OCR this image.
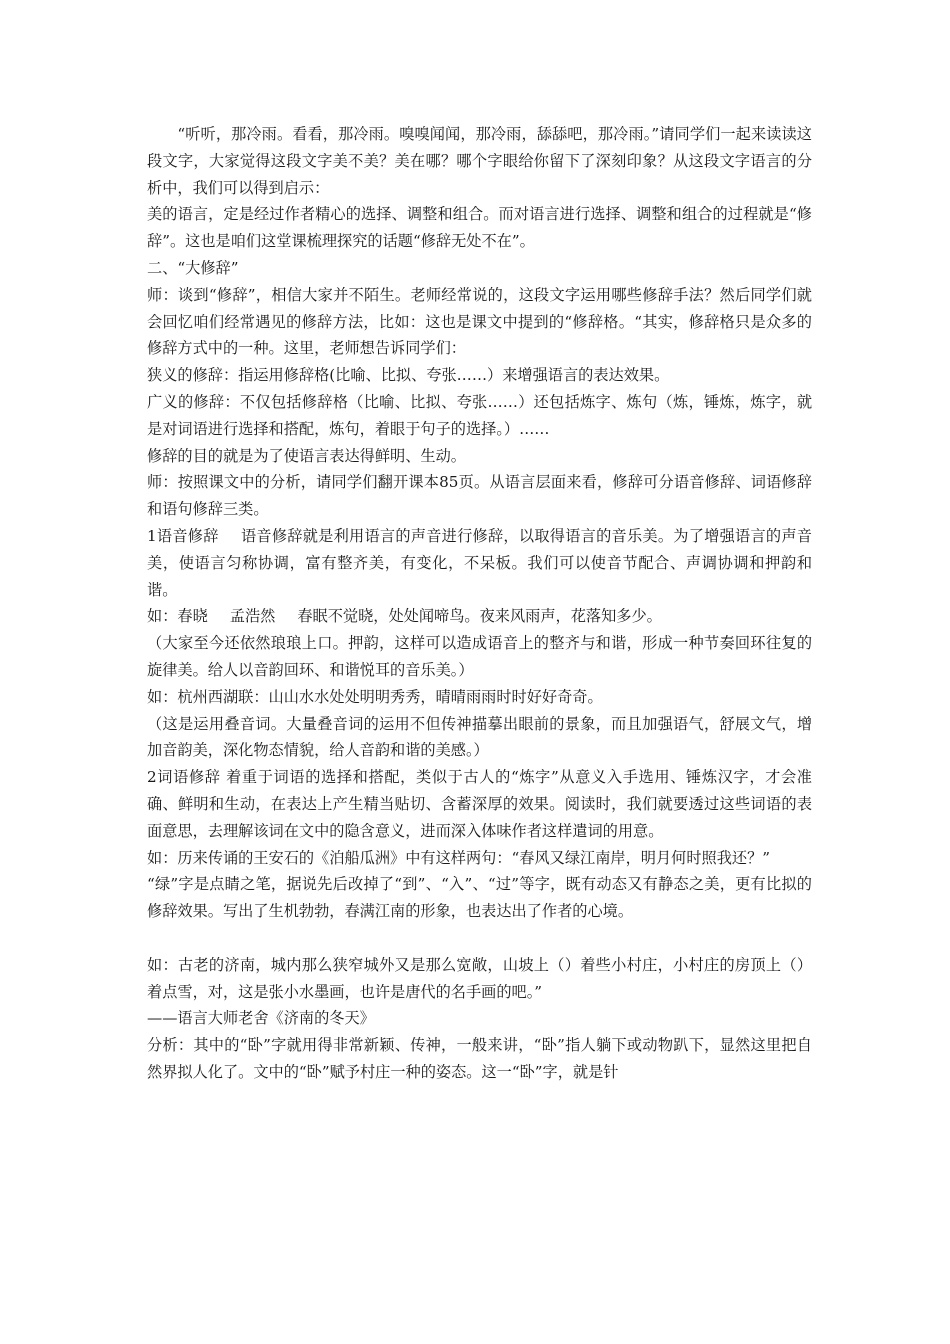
“听听，那冷雨。看看，那冷雨。嗅嗅闻闻，那冷雨，舔舔吧，那冷雨。”请同学们一起来读读这段文字，大家觉得这段文字美不美？美在哪？哪个字眼给你留下了深刻印象？从这段文字语言的分析中，我们可以得到启示：

美的语言，定是经过作者精心的选择、调整和组合。而对语言进行选择、调整和组合的过程就是“修辞”。这也是咱们这堂课梳理探究的话题“修辞无处不在”。

二、“大修辞”

师：谈到“修辞”，相信大家并不陌生。老师经常说的，这段文字运用哪些修辞手法？然后同学们就会回忆咱们经常遇见的修辞方法，比如：这也是课文中提到的“修辞格。“其实，修辞格只是众多的修辞方式中的一种。这里，老师想告诉同学们：

狭义的修辞：指运用修辞格(比喻、比拟、夸张……）来增强语言的表达效果。

广义的修辞：不仅包括修辞格（比喻、比拟、夸张……）还包括炼字、炼句（炼，锤炼，炼字，就是对词语进行选择和搭配，炼句，着眼于句子的选择。）……

修辞的目的就是为了使语言表达得鲜明、生动。

师：按照课文中的分析，请同学们翻开课本85页。从语言层面来看，修辞可分语音修辞、词语修辞和语句修辞三类。

1语音修辞 语音修辞就是利用语言的声音进行修辞，以取得语言的音乐美。为了增强语言的声音美，使语言匀称协调，富有整齐美，有变化，不呆板。我们可以使音节配合、声调协调和押韵和谐。

如：春晓 孟浩然 春眠不觉晓，处处闻啼鸟。夜来风雨声，花落知多少。

（大家至今还依然琅琅上口。押韵，这样可以造成语音上的整齐与和谐，形成一种节奏回环往复的旋律美。给人以音韵回环、和谐悦耳的音乐美。）

如：杭州西湖联：山山水水处处明明秀秀，晴晴雨雨时时好好奇奇。

（这是运用叠音词。大量叠音词的运用不但传神描摹出眼前的景象，而且加强语气，舒展文气，增加音韵美，深化物态情貌，给人音韵和谐的美感。）

2词语修辞 着重于词语的选择和搭配，类似于古人的“炼字”从意义入手选用、锤炼汉字，才会准确、鲜明和生动，在表达上产生精当贴切、含蓄深厚的效果。阅读时，我们就要透过这些词语的表面意思，去理解该词在文中的隐含意义，进而深入体味作者这样遣词的用意。

如：历来传诵的王安石的《泊船瓜洲》中有这样两句：“春风又绿江南岸，明月何时照我还？”

“绿”字是点睛之笔，据说先后改掉了“到”、“入”、“过”等字，既有动态又有静态之美，更有比拟的修辞效果。写出了生机勃勃，春满江南的形象，也表达出了作者的心境。

如：古老的济南，城内那么狭窄城外又是那么宽敞，山坡上（）着些小村庄，小村庄的房顶上（）着点雪，对，这是张小水墨画，也许是唐代的名手画的吧。”

——语言大师老舍《济南的冬天》

分析：其中的“卧”字就用得非常新颖、传神，一般来讲，“卧”指人躺下或动物趴下，显然这里把自然界拟人化了。文中的“卧”赋予村庄一种的姿态。这一“卧”字，就是针
